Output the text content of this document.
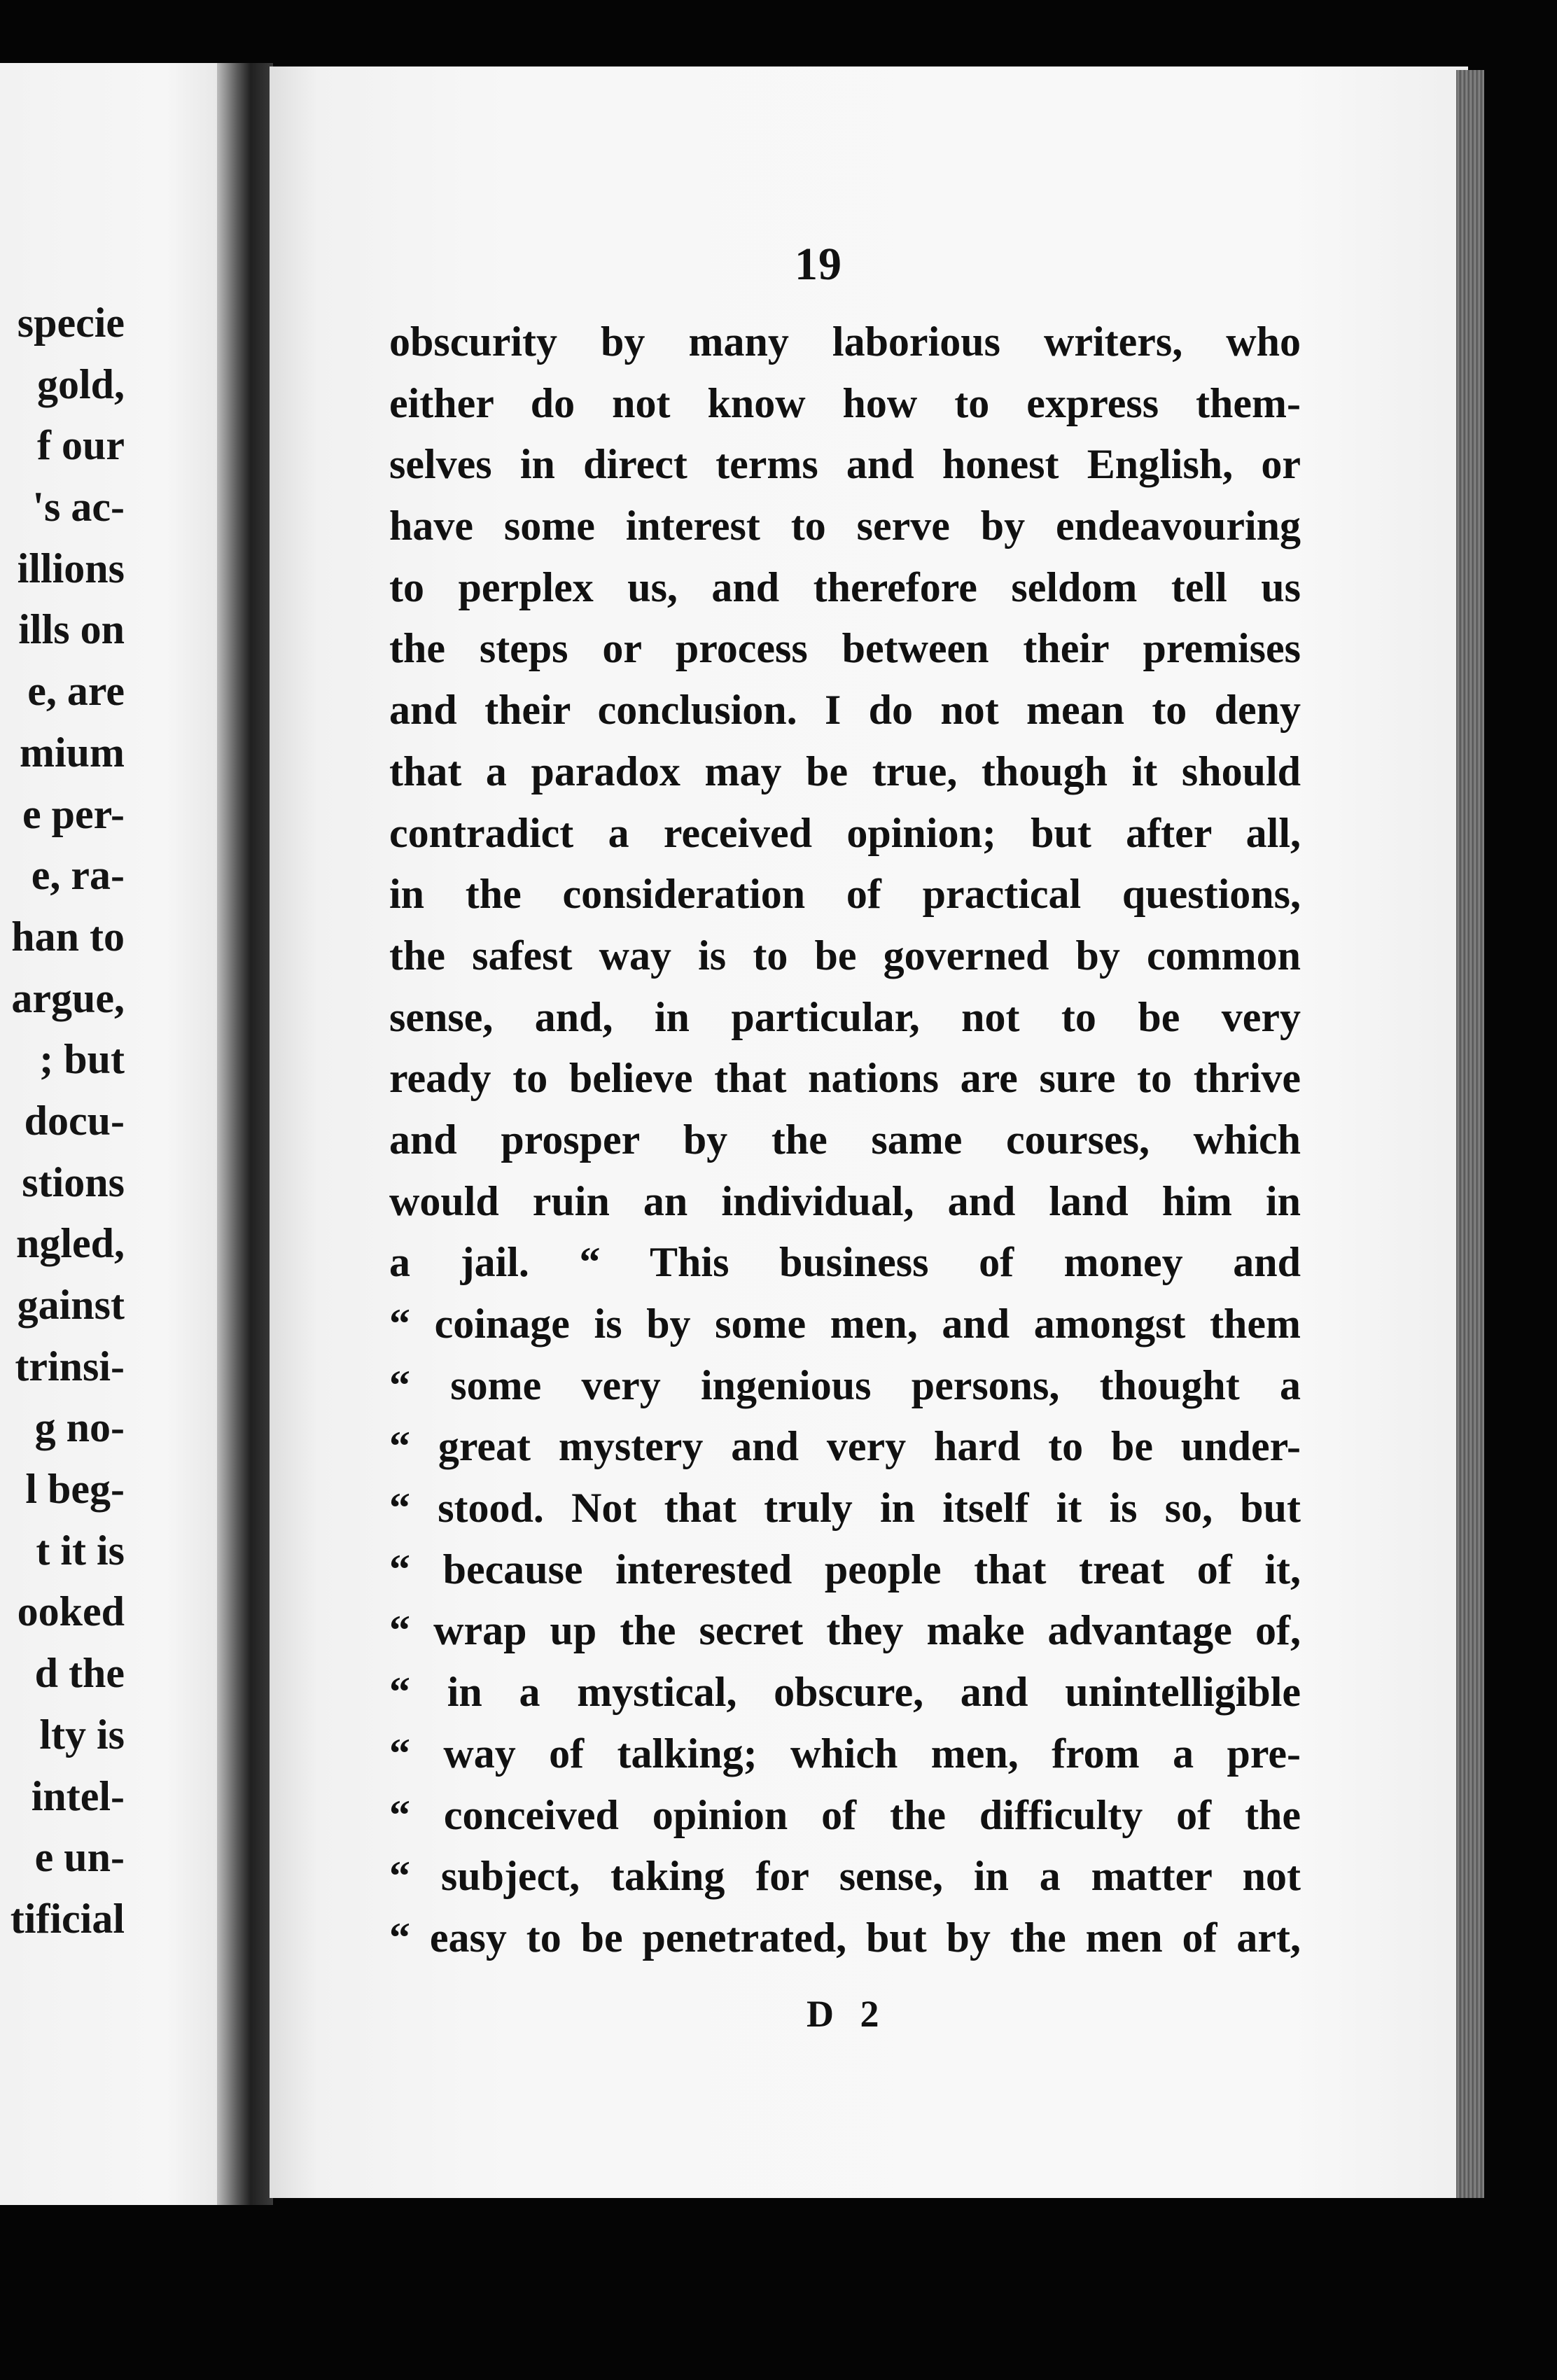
specie
gold,
f our
's ac-
illions
ills on
e, are
mium
e per-
e, ra-
han to
argue,
; but
docu-
stions
ngled,
gainst
trinsi-
g no-
l beg-
t it is
ooked
d the
lty is
intel-
e un-
tificial
19
obscurity by many laborious writers, who
either do not know how to express them-
selves in direct terms and honest English, or
have some interest to serve by endeavouring
to perplex us, and therefore seldom tell us
the steps or process between their premises
and their conclusion. I do not mean to deny
that a paradox may be true, though it should
contradict a received opinion; but after all,
in the consideration of practical questions,
the safest way is to be governed by common
sense, and, in particular, not to be very
ready to believe that nations are sure to thrive
and prosper by the same courses, which
would ruin an individual, and land him in
a jail. “ This business of money and
“ coinage is by some men, and amongst them
“ some very ingenious persons, thought a
“ great mystery and very hard to be under-
“ stood. Not that truly in itself it is so, but
“ because interested people that treat of it,
“ wrap up the secret they make advantage of,
“ in a mystical, obscure, and unintelligible
“ way of talking; which men, from a pre-
“ conceived opinion of the difficulty of the
“ subject, taking for sense, in a matter not
“ easy to be penetrated, but by the men of art,
D 2
